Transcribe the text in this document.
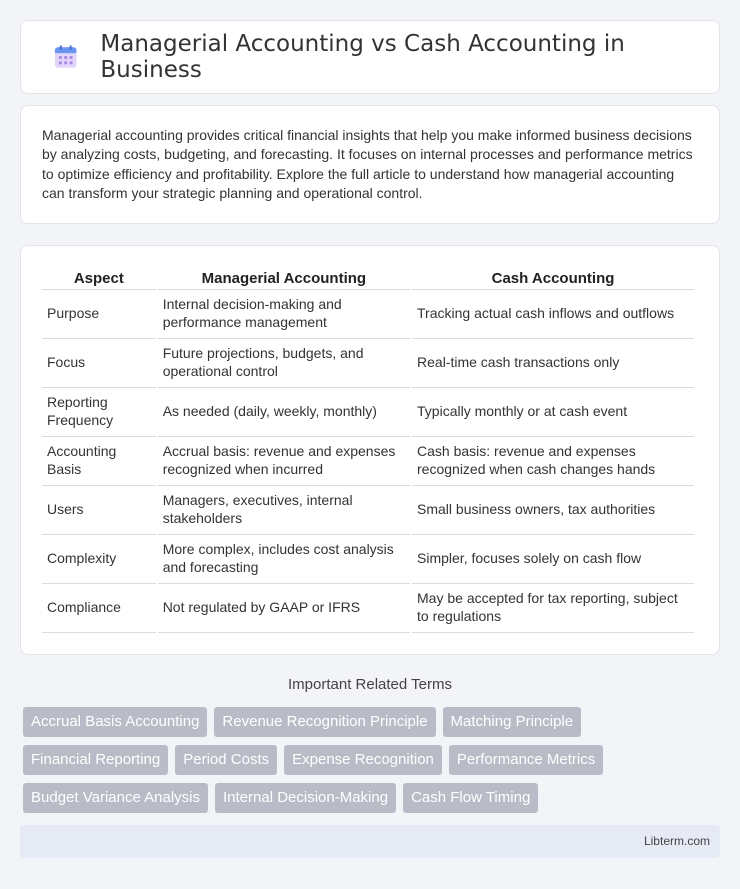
Managerial Accounting vs Cash Accounting in Business

Managerial accounting provides critical financial insights that help you make informed business decisions by analyzing costs, budgeting, and forecasting. It focuses on internal processes and performance metrics to optimize efficiency and profitability. Explore the full article to understand how managerial accounting can transform your strategic planning and operational control.

Aspect	Managerial Accounting	Cash Accounting
Purpose	Internal decision-making and performance management	Tracking actual cash inflows and outflows
Focus	Future projections, budgets, and operational control	Real-time cash transactions only
Reporting Frequency	As needed (daily, weekly, monthly)	Typically monthly or at cash event
Accounting Basis	Accrual basis: revenue and expenses recognized when incurred	Cash basis: revenue and expenses recognized when cash changes hands
Users	Managers, executives, internal stakeholders	Small business owners, tax authorities
Complexity	More complex, includes cost analysis and forecasting	Simpler, focuses solely on cash flow
Compliance	Not regulated by GAAP or IFRS	May be accepted for tax reporting, subject to regulations
Important Related Terms
Accrual Basis Accounting	Revenue Recognition Principle	Matching Principle
Financial Reporting	Period Costs	Expense Recognition	Performance Metrics
Budget Variance Analysis	Internal Decision-Making	Cash Flow Timing
Libterm.com
